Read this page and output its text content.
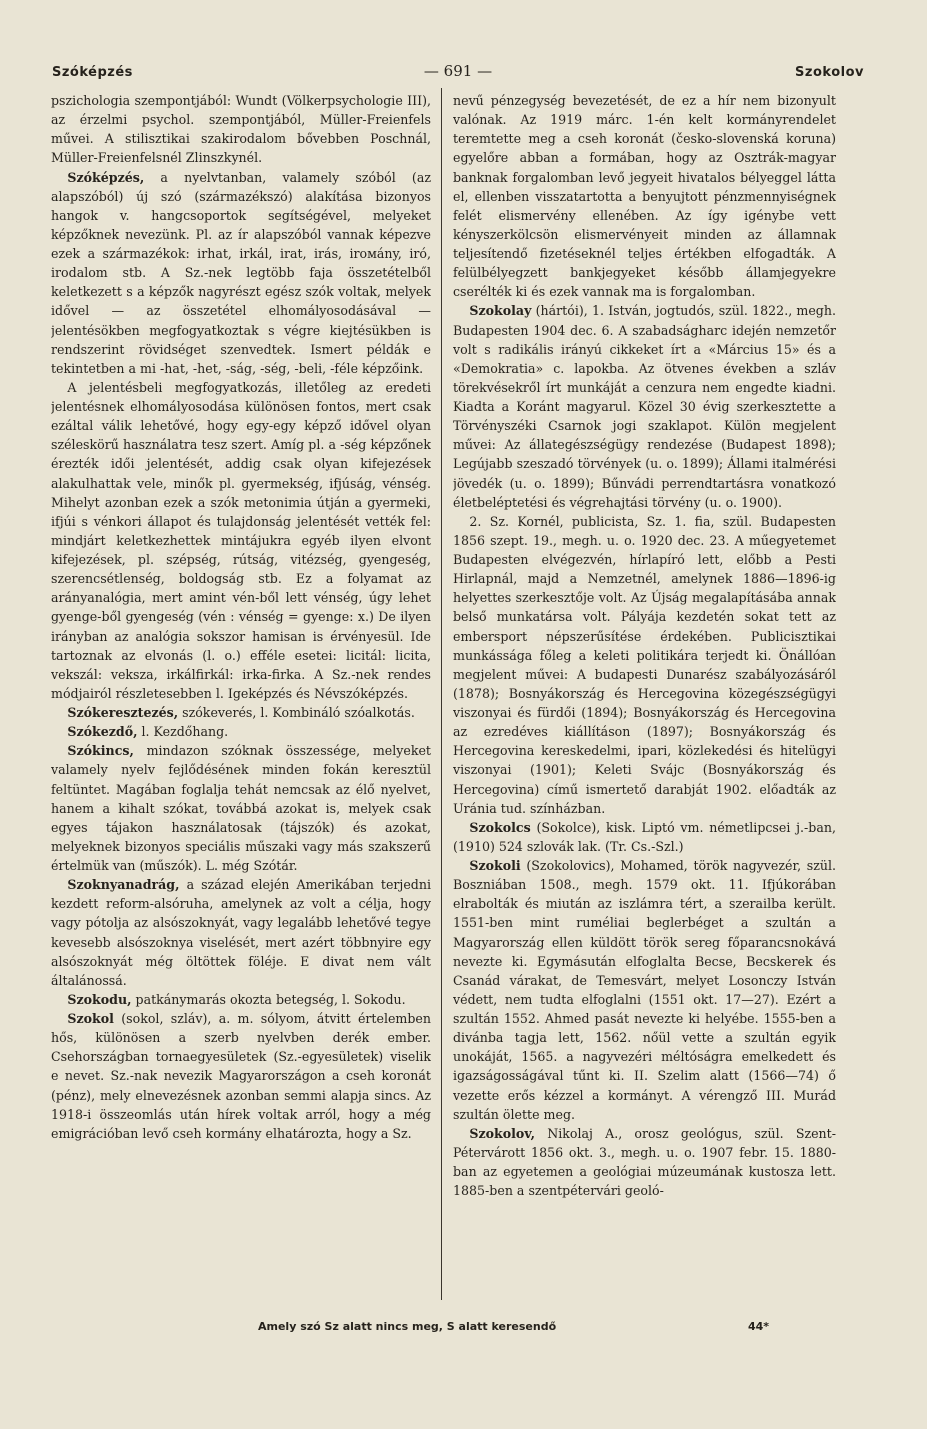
Szóképzés	— 691 —	Szokolov

pszichologia szempontjából: Wundt (Völkerpsychologie III), az érzelmi psychol. szempontjából, Müller-Freienfels művei. A stilisztikai szakirodalom bővebben Poschnál, Müller-Freienfelsnél Zlinszkynél.

Szóképzés, a nyelvtanban, valamely szóból (az alapszóból) új szó (származékszó) alakítása bizonyos hangok v. hangcsoportok segítségével, melyeket képzőknek nevezünk. Pl. az ír alapszóból vannak képezve ezek a származékok: irhat, irkál, irat, irás, irомány, iró, irodalom stb. A Sz.-nek legtöbb faja összetételből keletkezett s a képzők nagyrészt egész szók voltak, melyek idővel — az összetétel elhomályosodásával — jelentésökben megfogyatkoztak s végre kiejtésükben is rendszerint rövidséget szenvedtek. Ismert példák e tekintetben a mi -hat, -het, -ság, -ség, -beli, -féle képzőink.

A jelentésbeli megfogyatkozás, illetőleg az eredeti jelentésnek elhomályosodása különösen fontos, mert csak ezáltal válik lehetővé, hogy egy-egy képző idővel olyan széleskörű használatra tesz szert. Amíg pl. a -ség képzőnek érezték idői jelentését, addig csak olyan kifejezések alakulhattak vele, minők pl. gyermekség, ifjúság, vénség. Mihelyt azonban ezek a szók metonimia útján a gyermeki, ifjúi s vénkori állapot és tulajdonság jelentését vették fel: mindjárt keletkezhettek mintájukra egyéb ilyen elvont kifejezések, pl. szépség, rútság, vitézség, gyengeség, szerencsétlenség, boldogság stb. Ez a folyamat az arányanalógia, mert amint vén-ből lett vénség, úgy lehet gyenge-ből gyengeség (vén : vénség = gyenge: x.) De ilyen irányban az analógia sokszor hamisan is érvényesül. Ide tartoznak az elvonás (l. o.) efféle esetei: licitál: licita, vekszál: veksza, irkálfirkál: irka-firka. A Sz.-nek rendes módjairól részletesebben l. Igeképzés és Névszóképzés.

Szókeresztezés, szókeverés, l. Kombináló szóalkotás.

Szókezdő, l. Kezdőhang.

Szókincs, mindazon szóknak összessége, melyeket valamely nyelv fejlődésének minden fokán keresztül feltüntet. Magában foglalja tehát nemcsak az élő nyelvet, hanem a kihalt szókat, továbbá azokat is, melyek csak egyes tájakon használatosak (tájszók) és azokat, melyeknek bizonyos speciális műszaki vagy más szakszerű értelmük van (műszók). L. még Szótár.

Szoknyanadrág, a század elején Amerikában terjedni kezdett reform-alsóruha, amelynek az volt a célja, hogy vagy pótolja az alsószoknyát, vagy legalább lehetővé tegye kevesebb alsószoknya viselését, mert azért többnyire egy alsószoknyát még öltöttek föléje. E divat nem vált általánossá.

Szokodu, patkánymarás okozta betegség, l. Sokodu.

Szokol (sokol, szláv), a. m. sólyom, átvitt értelemben hős, különösen a szerb nyelvben derék ember. Csehországban tornaegyesületek (Sz.-egyesületek) viselik e nevet. Sz.-nak nevezik Magyarországon a cseh koronát (pénz), mely elnevezésnek azonban semmi alapja sincs. Az 1918-i összeomlás után hírek voltak arról, hogy a még emigrációban levő cseh kormány elhatározta, hogy a Sz.

nevű pénzegység bevezetését, de ez a hír nem bizonyult valónak. Az 1919 márc. 1-én kelt kormányrendelet teremtette meg a cseh koronát (česko-slovenská koruna) egyelőre abban a formában, hogy az Osztrák-magyar banknak forgalomban levő jegyeit hivatalos bélyeggel látta el, ellenben visszatartotta a benyujtott pénzmennyiségnek felét elismervény ellenében. Az így igénybe vett kényszerkölcsön elismervényeit minden az államnak teljesítendő fizetéseknél teljes értékben elfogadták. A felülbélyegzett bankjegyeket később államjegyekre cserélték ki és ezek vannak ma is forgalomban.

Szokolay (hártói), 1. István, jogtudós, szül. 1822., megh. Budapesten 1904 dec. 6. A szabadságharc idején nemzetőr volt s radikális irányú cikkeket írt a «Március 15» és a «Demokratia» c. lapokba. Az ötvenes években a szláv törekvésekről írt munkáját a cenzura nem engedte kiadni. Kiadta a Koránt magyarul. Közel 30 évig szerkesztette a Törvényszéki Csarnok jogi szaklapot. Külön megjelent művei: Az állategészségügy rendezése (Budapest 1898); Legújabb szeszadó törvények (u. o. 1899); Állami italmérési jövedék (u. o. 1899); Bűnvádi perrendtartásra vonatkozó életbeléptetési és végrehajtási törvény (u. o. 1900).

2. Sz. Kornél, publicista, Sz. 1. fia, szül. Budapesten 1856 szept. 19., megh. u. o. 1920 dec. 23. A műegyetemet Budapesten elvégezvén, hírlapíró lett, előbb a Pesti Hirlapnál, majd a Nemzetnél, amelynek 1886—1896-ig helyettes szerkesztője volt. Az Újság megalapításába annak belső munkatársa volt. Pályája kezdetén sokat tett az embersport népszerűsítése érdekében. Publicisztikai munkássága főleg a keleti politikára terjedt ki. Önállóan megjelent művei: A budapesti Dunarész szabályozásáról (1878); Bosnyákország és Hercegovina közegészségügyi viszonyai és fürdői (1894); Bosnyákország és Hercegovina az ezredéves kiállításon (1897); Bosnyákország és Hercegovina kereskedelmi, ipari, közlekedési és hitelügyi viszonyai (1901); Keleti Svájc (Bosnyákország és Hercegovina) című ismertető darabját 1902. előadták az Uránia tud. színházban.

Szokolcs (Sokolce), kisk. Liptó vm. németlipcsei j.-ban, (1910) 524 szlovák lak. (Tr. Cs.-Szl.)

Szokoli (Szokolovics), Mohamed, török nagyvezér, szül. Boszniában 1508., megh. 1579 okt. 11. Ifjúkorában elrabolták és miután az iszlámra tért, a szerailba került. 1551-ben mint ruméliai beglerbéget a szultán a Magyarország ellen küldött török sereg főparancsnokává nevezte ki. Egymásután elfoglalta Becse, Becskerek és Csanád várakat, de Temesvárt, melyet Losonczy István védett, nem tudta elfoglalni (1551 okt. 17—27). Ezért a szultán 1552. Ahmed pasát nevezte ki helyébe. 1555-ben a divánba tagja lett, 1562. nőül vette a szultán egyik unokáját, 1565. a nagyvezéri méltóságra emelkedett és igazságosságával tűnt ki. II. Szelim alatt (1566—74) ő vezette erős kézzel a kormányt. A vérengző III. Murád szultán ölette meg.

Szokolov, Nikolaj A., orosz geológus, szül. Szent-Pétervárott 1856 okt. 3., megh. u. o. 1907 febr. 15. 1880-ban az egyetemen a geológiai múzeumának kustosza lett. 1885-ben a szentpétervári geoló-

Amely szó Sz alatt nincs meg, S alatt keresendő	44*
